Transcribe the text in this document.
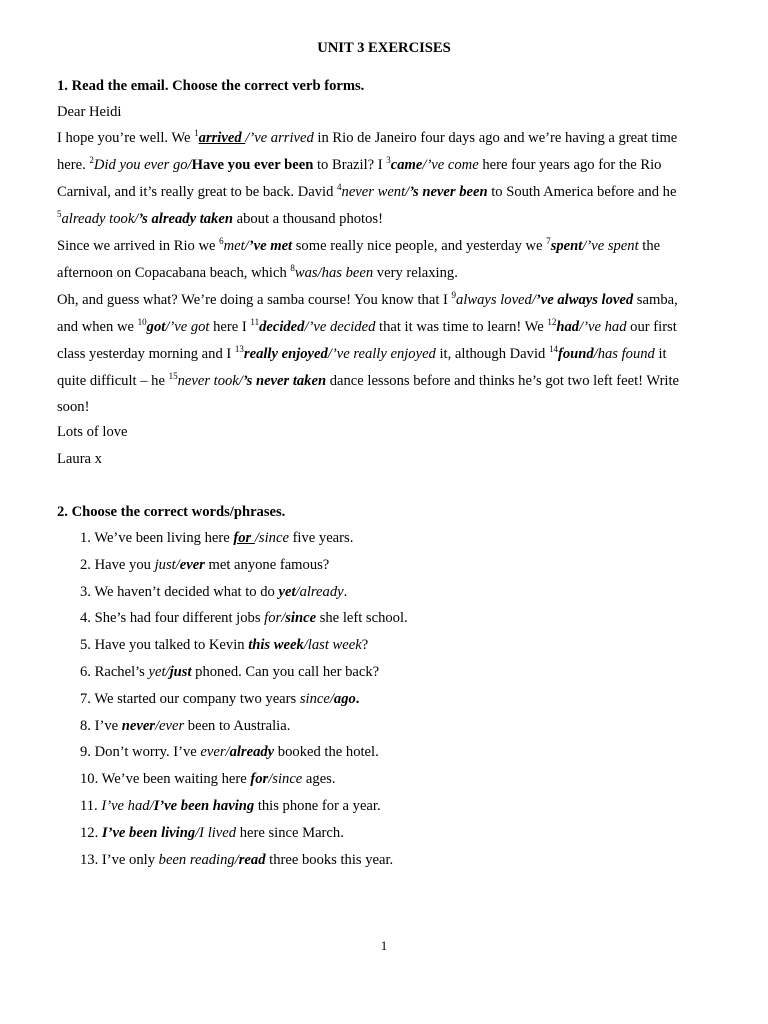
UNIT 3 EXERCISES
1. Read the email. Choose the correct verb forms.
Dear Heidi
I hope you’re well. We $^1$arrived /’ve arrived in Rio de Janeiro four days ago and we’re having a great time
here. $^2$Did you ever go/Have you ever been to Brazil? I $^3$came/’ve come here four years ago for the Rio
Carnival, and it’s really great to be back. David $^4$never went/’s never been to South America before and he
$^5$already took/’s already taken about a thousand photos!
Since we arrived in Rio we $^6$met/’ve met some really nice people, and yesterday we $^7$spent/’ve spent the
afternoon on Copacabana beach, which $^8$was/has been very relaxing.
Oh, and guess what? We’re doing a samba course! You know that I $^9$always loved/’ve always loved samba,
and when we $^{10}$got/’ve got here I $^{11}$decided/’ve decided that it was time to learn! We $^{12}$had/’ve had our first
class yesterday morning and I $^{13}$really enjoyed/’ve really enjoyed it, although David $^{14}$found/has found it
quite difficult – he $^{15}$never took/’s never taken dance lessons before and thinks he’s got two left feet! Write
soon!
Lots of love
Laura x
2. Choose the correct words/phrases.
1. We’ve been living here for /since five years.
2. Have you just/ever met anyone famous?
3. We haven’t decided what to do yet/already.
4. She’s had four different jobs for/since she left school.
5. Have you talked to Kevin this week/last week?
6. Rachel’s yet/just phoned. Can you call her back?
7. We started our company two years since/ago.
8. I’ve never/ever been to Australia.
9. Don’t worry. I’ve ever/already booked the hotel.
10. We’ve been waiting here for/since ages.
11. I’ve had/I’ve been having this phone for a year.
12. I’ve been living/I lived here since March.
13. I’ve only been reading/read three books this year.
1
